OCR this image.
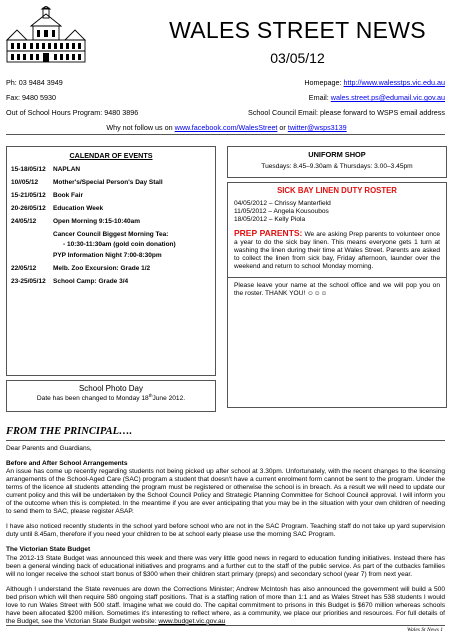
WALES STREET NEWS
03/05/12
Ph: 03 9484 3949	Homepage: http://www.walesstps.vic.edu.au
Fax: 9480 5930	Email: wales.street.ps@edumail.vic.gov.au
Out of School Hours Program: 9480 3896	School Council Email: please forward to WSPS email address
Why not follow us on www.facebook.com/WalesStreet or twitter@wsps3139
CALENDAR OF EVENTS
15-18/05/12	NAPLAN
10//05/12	Mother's/Special Person's Day Stall
15-21/05/12	Book Fair
20-26/05/12	Education Week
24/05/12	Open Morning 9:15-10:40am
Cancer Council Biggest Morning Tea:
- 10:30-11:30am (gold coin donation)
PYP Information Night 7:00-8:30pm
22/05/12	Melb. Zoo Excursion: Grade 1/2
23-25/05/12	School Camp: Grade 3/4
School Photo Day
Date has been changed to Monday 18thJune 2012.
UNIFORM SHOP
Tuesdays: 8.45–9.30am & Thursdays: 3.00–3.45pm
SICK BAY LINEN DUTY ROSTER
04/05/2012 – Chrissy Manterfield
11/05/2012 – Angela Kousoubos
18/05/2012 – Kelly Piola
PREP PARENTS: We are asking Prep parents to volunteer once a year to do the sick bay linen. This means everyone gets 1 turn at washing the linen during their time at Wales Street. Parents are asked to collect the linen from sick bay, Friday afternoon, launder over the weekend and return to school Monday morning.
Please leave your name at the school office and we will pop you on the roster. THANK YOU! ☺☺☺
FROM THE PRINCIPAL….

Dear Parents and Guardians,

Before and After School Arrangements

An issue has come up recently regarding students not being picked up after school at 3.30pm. Unfortunately, with the recent changes to the licensing arrangements of the School-Aged Care (SAC) program a student that doesn't have a current enrolment form cannot be sent to the program. Under the terms of the licence all students attending the program must be registered or otherwise the school is in breach. As a result we will need to update our current policy and this will be undertaken by the School Council Policy and Strategic Planning Committee for School Council approval. I will inform you of the outcome when this is completed. In the meantime if you are ever anticipating that you may be in the situation with your own children of needing to send them to SAC, please register ASAP.

I have also noticed recently students in the school yard before school who are not in the SAC Program. Teaching staff do not take up yard supervision duty until 8.45am, therefore if you need your children to be at school early please use the morning SAC Program.

The Victorian State Budget

The 2012-13 State Budget was announced this week and there was very little good news in regard to education funding initiatives. Instead there has been a general winding back of educational initiatives and programs and a further cut to the staff of the public service. As part of the cutbacks families will no longer receive the school start bonus of $300 when their children start primary (preps) and secondary school (year 7) from next year.

Although I understand the State revenues are down the Corrections Minister; Andrew McIntosh has also announced the government will build a 500 bed prison which will then require 580 ongoing staff positions. That is a staffing ration of more than 1:1 and as Wales Street has 538 students I would love to run Wales Street with 500 staff. Imagine what we could do. The capital commitment to prisons in this Budget is $670 million whereas schools have been allocated $200 million. Sometimes it's interesting to reflect where, as a community, we place our priorities and resources. For full details of the Budget, see the Victorian State Budget website: www.budget.vic.gov.au

Wales St News 1
